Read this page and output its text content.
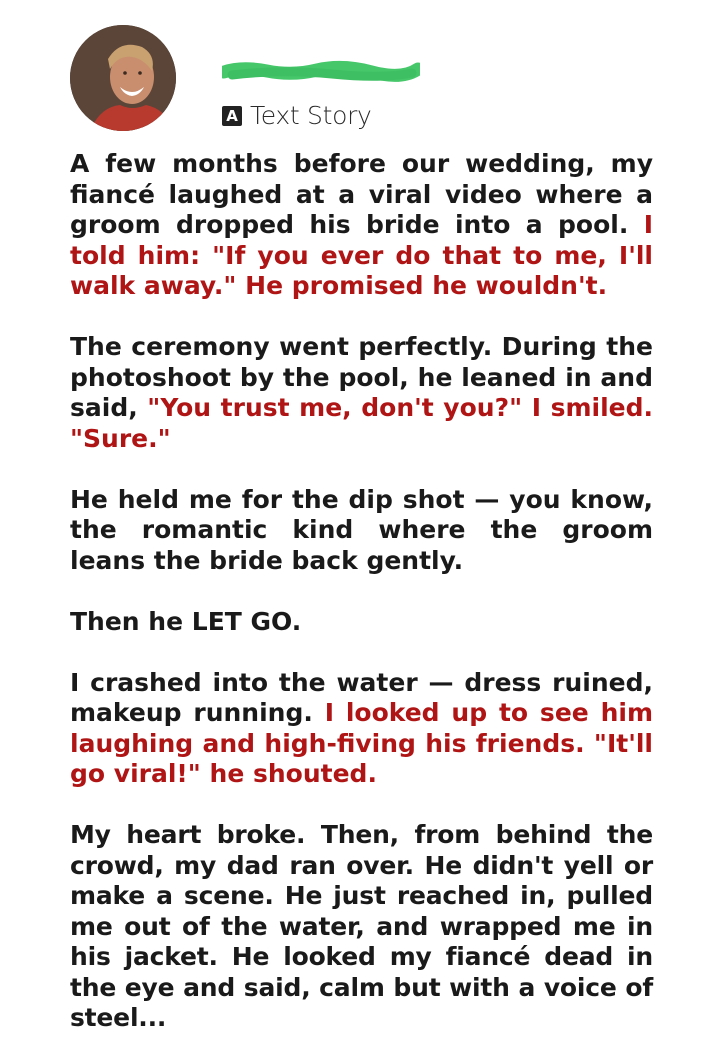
A Text Story

A few months before our wedding, my fiancé laughed at a viral video where a groom dropped his bride into a pool. I told him: "If you ever do that to me, I'll walk away." He promised he wouldn't.

The ceremony went perfectly. During the photoshoot by the pool, he leaned in and said, "You trust me, don't you?" I smiled. "Sure."

He held me for the dip shot — you know, the romantic kind where the groom leans the bride back gently.

Then he LET GO.

I crashed into the water — dress ruined, makeup running. I looked up to see him laughing and high-fiving his friends. "It'll go viral!" he shouted.

My heart broke. Then, from behind the crowd, my dad ran over. He didn't yell or make a scene. He just reached in, pulled me out of the water, and wrapped me in his jacket. He looked my fiancé dead in the eye and said, calm but with a voice of steel...
